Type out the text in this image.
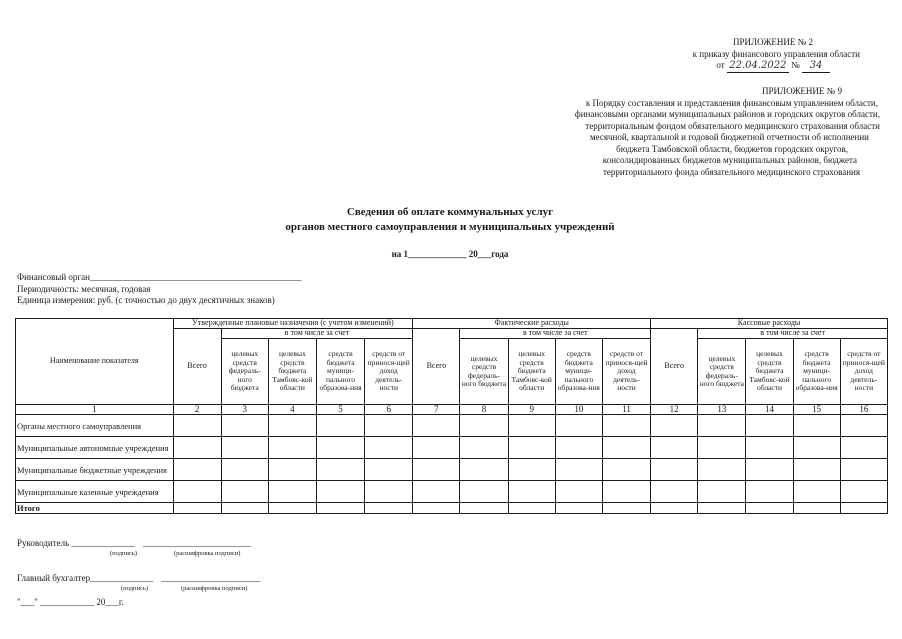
ПРИЛОЖЕНИЕ № 2
к приказу финансового управления области
от 22.04.2022 № 34
ПРИЛОЖЕНИЕ № 9
к Порядку составления и представления финансовым управлением области,
финансовыми органами муниципальных районов и городских округов области,
территориальным фондом обязательного медицинского страхования области
месячной, квартальной и годовой бюджетной отчетности об исполнении
бюджета Тамбовской области, бюджетов городских округов,
консолидированных бюджетов муниципальных районов, бюджета
территориального фонда обязательного медицинского страхования
Сведения об оплате коммунальных услуг
органов местного самоуправления и муниципальных учреждений
на 1_____________ 20___года
Финансовый орган_______________________________________________
Периодичность: месячная, годовая
Единица измерения: руб. (с точностью до двух десятичных знаков)
Наименование показателя	Утвержденные плановые назначения (с учетом изменений)					Фактические расходы					Кассовые расходы				
	Всего	в том числе за счет				Всего	в том числе за счет				Всего	в том числе за счет			
		целевых средств федераль-ного бюджета	целевых средств бюджета Тамбовс-кой области	средств бюджета муници-пального образова-ния	средств от принося-щей доход деятель-ности		целевых средств федераль-ного бюджета	целевых средств бюджета Тамбовс-кой области	средств бюджета муници-пального образова-ния	средств от принося-щей доход деятель-ности		целевых средств федераль-ного бюджета	целевых средств бюджета Тамбовс-кой области	средств бюджета муници-пального образова-ния	средств от принося-щей доход деятель-ности
1	2	3	4	5	6	7	8	9	10	11	12	13	14	15	16
Органы местного самоуправления															
Муниципальные автономные учреждения															
Муниципальные бюджетные учреждения															
Муниципальные казенные учреждения															
Итого															
Руководитель ______________ ________________________
(подпись)	(расшифровка подписи)
Главный бухгалтер______________ ______________________
(подпись)	(расшифровка подписи)
"___" ____________ 20___г.
